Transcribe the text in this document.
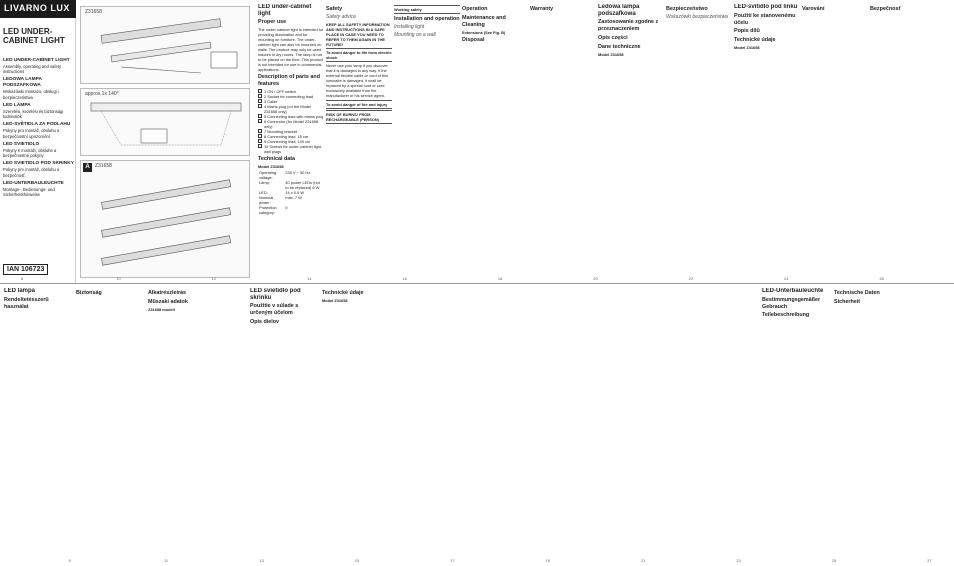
LIVARNO LUX
LED UNDER-CABINET LIGHT
LED UNDER-CABINET LIGHT
Assembly, operating and safety instructions
LEDOWA LAMPA PODSZAFKOWA
Wskazówki montażu, obsługi i bezpieczeństwa
LED LÁMPA
Szerelési, kezelési és biztonsági tudnivalók
LED-SVĚTIDLA ZA PODLAHU
Pokyny pro montáž, obsluhu a bezpečnostní upozornění
LED SVIETIDLO
Pokyny k montáži, obsluhe a bezpečnostné pokyny
LED SVIETIDLO POD SKRINKY
Pokyny pre montáž, obsluhu a bezpečnosť
LED-UNTERBAULEUCHTE
Montage-, Bedienungs- und Sicherheitshinweise
IAN 106723
Z31658
approx.1x 140°
Z31658
A
LED under-cabinet light
Proper use

The under-cabinet light is intended for providing illumination and for mounting on furniture. The under-cabinet light can also be mounted on walls. The product may only be used indoors in dry rooms. The lamp is not to be placed on the floor. This product is not intended for use in commercial applications.

Description of parts and features
1 ON / OFF switch
2 Socket for connecting lead
3 Cable
4 Mains plug (on the Model Z31658 only)
5 Connecting lead with mains plug
6 Connector (for Model Z31658 only)
7 Mounting bracket
8 Connecting lead, 15 cm
9 Connecting lead, 100 cm
10 Screws for under-cabinet light, wall plugs
Technical data

Model Z31658

Operating voltage:	230 V ~ 50 Hz
Lamp:	40 power LEDs (not to be replaced) 6 W
LED:	14 x 0.5 W
Nominal power:	max. 7 W
Protection category:	II
Safety

Safety advice

KEEP ALL SAFETY INFORMATION AND INSTRUCTIONS IN A SAFE PLACE IN CASE YOU NEED TO REFER TO THEM AGAIN IN THE FUTURE!

To avoid danger to life from electric shock

Never use your lamp if you discover that it is damaged in any way. If the external flexible cable or cord of this luminaire is damaged, it shall be replaced by a special cord or cord exclusively available from the manufacturer or his service agent.

To avoid danger of fire and injury
RISK OF BURNS! FROM RECHARGEABLE (PERSON)
Working safely
Installation and operation

Installing light

Mounting on a wall

Operation
Maintenance and Cleaning

Extensions (See Fig. B)

Disposal
Warranty	Ledowa lampa podszafkowa
Zastosowanie zgodne z przeznaczeniem
Opis części
Dane techniczne

Model Z31658

Bezpieczeństwo

Wskazówki bezpieczeństwa

LED-svítidlo pod linku
Použití ke stanovenému účelu
Popis dílů
Technické údaje

Model Z31658

Varování	Bezpečnosť
LED lámpa
Rendeltetésszerű használat
Biztonság	Alkatrészleírás
Műszaki adatok

Z31658 modell

LED svietidlo pod skrinku
Použitie v súlade s určeným účelom
Opis dielov
Technické údaje

Model Z31658

LED-Unterbauleuchte
Bestimmungsgemäßer Gebrauch
Teilebeschreibung
Technische Daten
Sicherheit
8
9
10
11
12
13
14
15
16
17
18
19
20
21
22
23
24
25
26
27
